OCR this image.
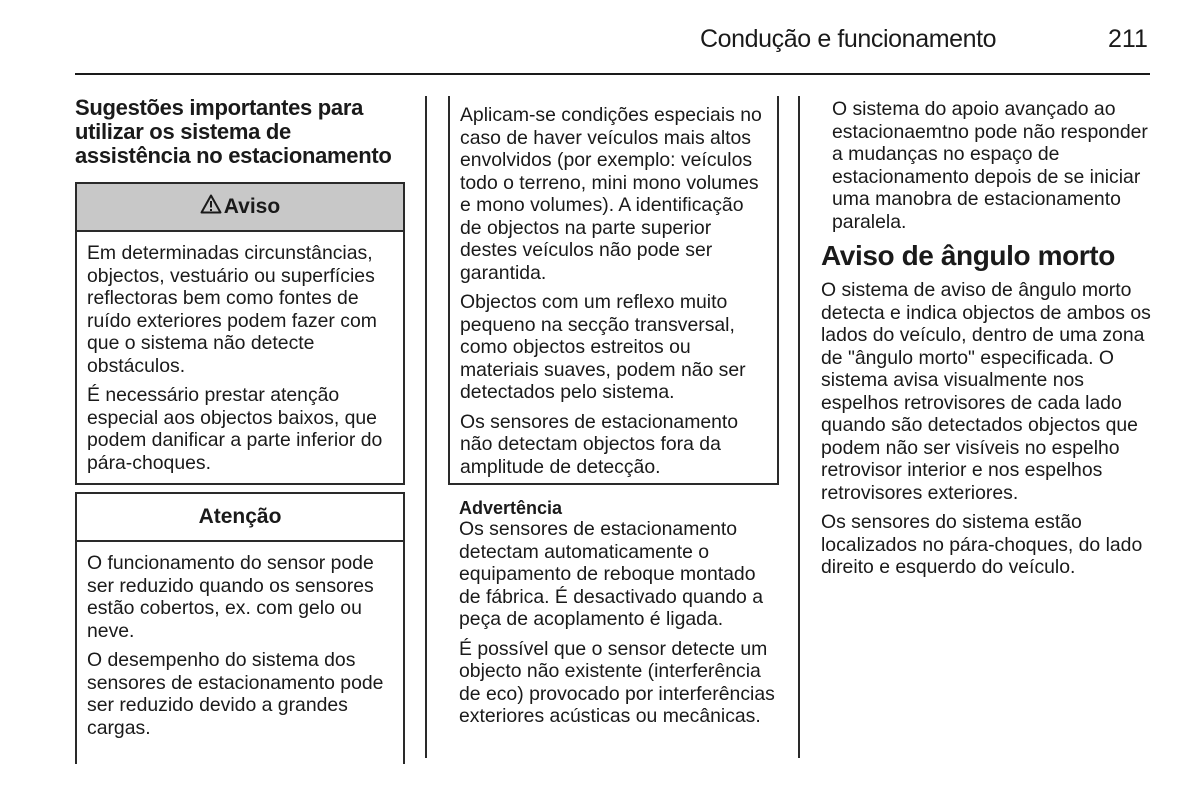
Condução e funcionamento	211
Sugestões importantes para utilizar os sistema de assistência no estacionamento
Aviso

Em determinadas circunstâncias, objectos, vestuário ou superfícies reflectoras bem como fontes de ruído exteriores podem fazer com que o sistema não detecte obstáculos.

É necessário prestar atenção especial aos objectos baixos, que podem danificar a parte inferior do pára-choques.

Atenção

O funcionamento do sensor pode ser reduzido quando os sensores estão cobertos, ex. com gelo ou neve.

O desempenho do sistema dos sensores de estacionamento pode ser reduzido devido a grandes cargas.

Aplicam-se condições especiais no caso de haver veículos mais altos envolvidos (por exemplo: veículos todo o terreno, mini mono volumes e mono volumes). A identificação de objectos na parte superior destes veículos não pode ser garantida.

Objectos com um reflexo muito pequeno na secção transversal, como objectos estreitos ou materiais suaves, podem não ser detectados pelo sistema.

Os sensores de estacionamento não detectam objectos fora da amplitude de detecção.

Advertência

Os sensores de estacionamento detectam automaticamente o equipamento de reboque montado de fábrica. É desactivado quando a peça de acoplamento é ligada.

É possível que o sensor detecte um objecto não existente (interferência de eco) provocado por interferências exteriores acústicas ou mecânicas.

O sistema do apoio avançado ao estacionaemtno pode não responder a mudanças no espaço de estacionamento depois de se iniciar uma manobra de estacionamento paralela.

Aviso de ângulo morto

O sistema de aviso de ângulo morto detecta e indica objectos de ambos os lados do veículo, dentro de uma zona de "ângulo morto" especificada. O sistema avisa visualmente nos espelhos retrovisores de cada lado quando são detectados objectos que podem não ser visíveis no espelho retrovisor interior e nos espelhos retrovisores exteriores.

Os sensores do sistema estão localizados no pára-choques, do lado direito e esquerdo do veículo.
